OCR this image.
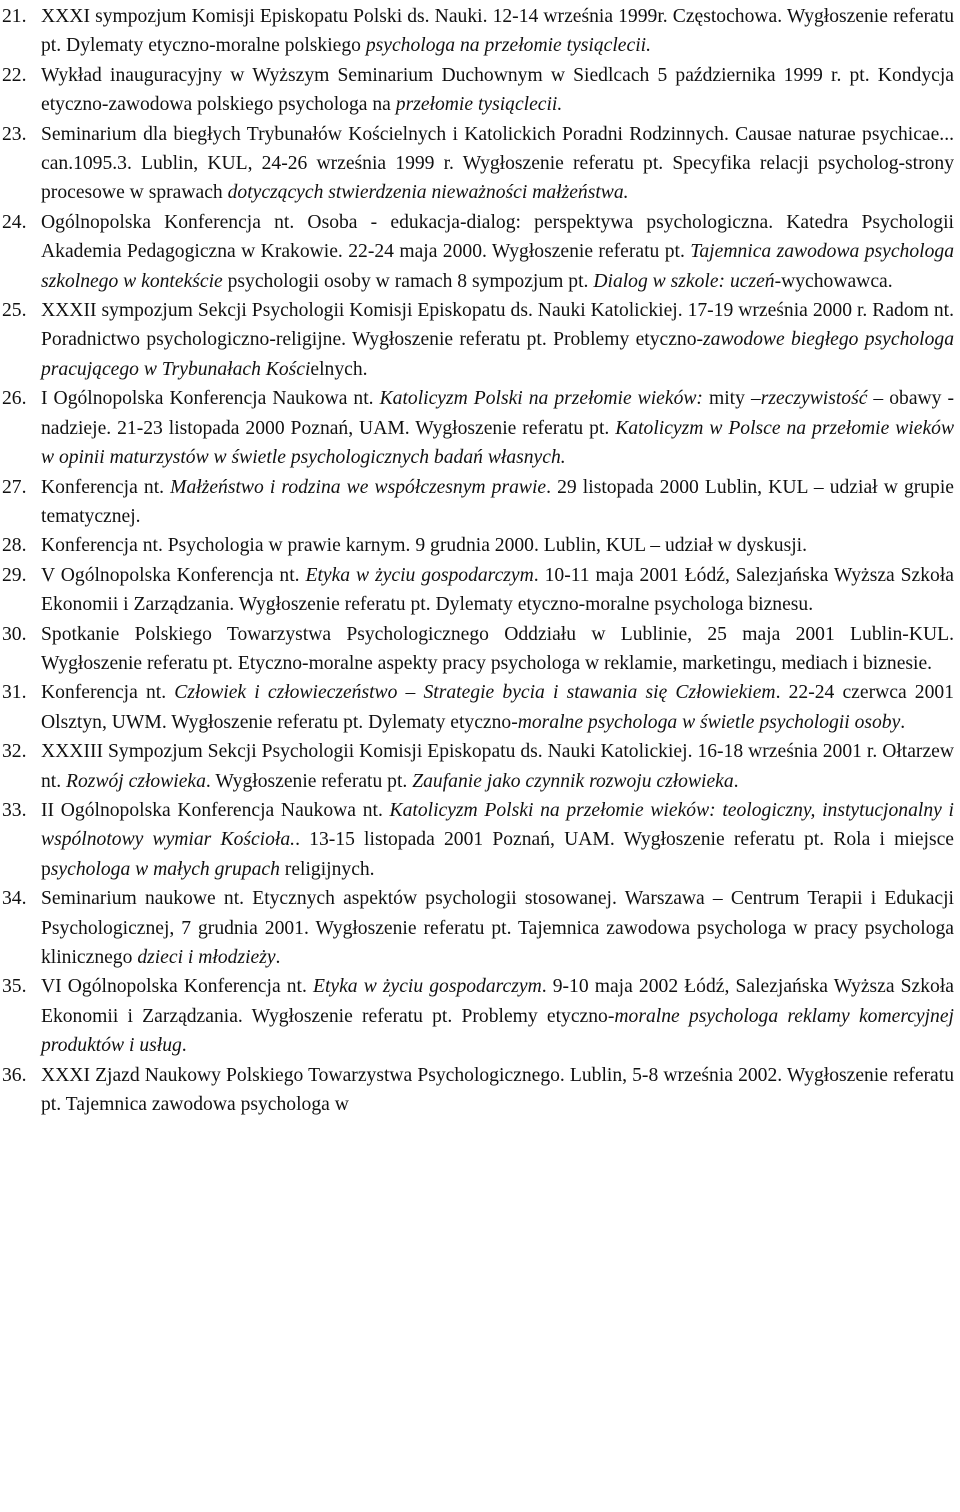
21. XXXI sympozjum Komisji Episkopatu Polski ds. Nauki. 12-14 września 1999r. Częstochowa. Wygłoszenie referatu pt. Dylematy etyczno-moralne polskiego psychologa na przełomie tysiąclecii.
22. Wykład inauguracyjny w Wyższym Seminarium Duchownym w Siedlcach 5 października 1999 r. pt. Kondycja etyczno-zawodowa polskiego psychologa na przełomie tysiąclecii.
23. Seminarium dla biegłych Trybunałów Kościelnych i Katolickich Poradni Rodzinnych. Causae naturae psychicae... can.1095.3. Lublin, KUL, 24-26 września 1999 r. Wygłoszenie referatu pt. Specyfika relacji psycholog-strony procesowe w sprawach dotyczących stwierdzenia nieważności małżeństwa.
24. Ogólnopolska Konferencja nt. Osoba - edukacja-dialog: perspektywa psychologiczna. Katedra Psychologii Akademia Pedagogiczna w Krakowie. 22-24 maja 2000. Wygłoszenie referatu pt. Tajemnica zawodowa psychologa szkolnego w kontekście psychologii osoby w ramach 8 sympozjum pt. Dialog w szkole: uczeń-wychowawca.
25. XXXII sympozjum Sekcji Psychologii Komisji Episkopatu ds. Nauki Katolickiej. 17-19 września 2000 r. Radom nt. Poradnictwo psychologiczno-religijne. Wygłoszenie referatu pt. Problemy etyczno-zawodowe biegłego psychologa pracującego w Trybunałach Kościelnych.
26. I Ogólnopolska Konferencja Naukowa nt. Katolicyzm Polski na przełomie wieków: mity –rzeczywistość – obawy - nadzieje. 21-23 listopada 2000 Poznań, UAM. Wygłoszenie referatu pt. Katolicyzm w Polsce na przełomie wieków w opinii maturzystów w świetle psychologicznych badań własnych.
27. Konferencja nt. Małżeństwo i rodzina we współczesnym prawie. 29 listopada 2000 Lublin, KUL – udział w grupie tematycznej.
28. Konferencja nt. Psychologia w prawie karnym. 9 grudnia 2000. Lublin, KUL – udział w dyskusji.
29. V Ogólnopolska Konferencja nt. Etyka w życiu gospodarczym. 10-11 maja 2001 Łódź, Salezjańska Wyższa Szkoła Ekonomii i Zarządzania. Wygłoszenie referatu pt. Dylematy etyczno-moralne psychologa biznesu.
30. Spotkanie Polskiego Towarzystwa Psychologicznego Oddziału w Lublinie, 25 maja 2001 Lublin-KUL. Wygłoszenie referatu pt. Etyczno-moralne aspekty pracy psychologa w reklamie, marketingu, mediach i biznesie.
31. Konferencja nt. Człowiek i człowieczeństwo – Strategie bycia i stawania się Człowiekiem. 22-24 czerwca 2001 Olsztyn, UWM. Wygłoszenie referatu pt. Dylematy etyczno-moralne psychologa w świetle psychologii osoby.
32. XXXIII Sympozjum Sekcji Psychologii Komisji Episkopatu ds. Nauki Katolickiej. 16-18 września 2001 r. Ołtarzew nt. Rozwój człowieka. Wygłoszenie referatu pt. Zaufanie jako czynnik rozwoju człowieka.
33. II Ogólnopolska Konferencja Naukowa nt. Katolicyzm Polski na przełomie wieków: teologiczny, instytucjonalny i wspólnotowy wymiar Kościoła.. 13-15 listopada 2001 Poznań, UAM. Wygłoszenie referatu pt. Rola i miejsce psychologa w małych grupach religijnych.
34. Seminarium naukowe nt. Etycznych aspektów psychologii stosowanej. Warszawa – Centrum Terapii i Edukacji Psychologicznej, 7 grudnia 2001. Wygłoszenie referatu pt. Tajemnica zawodowa psychologa w pracy psychologa klinicznego dzieci i młodzieży.
35. VI Ogólnopolska Konferencja nt. Etyka w życiu gospodarczym. 9-10 maja 2002 Łódź, Salezjańska Wyższa Szkoła Ekonomii i Zarządzania. Wygłoszenie referatu pt. Problemy etyczno-moralne psychologa reklamy komercyjnej produktów i usług.
36. XXXI Zjazd Naukowy Polskiego Towarzystwa Psychologicznego. Lublin, 5-8 września 2002. Wygłoszenie referatu pt. Tajemnica zawodowa psychologa w
